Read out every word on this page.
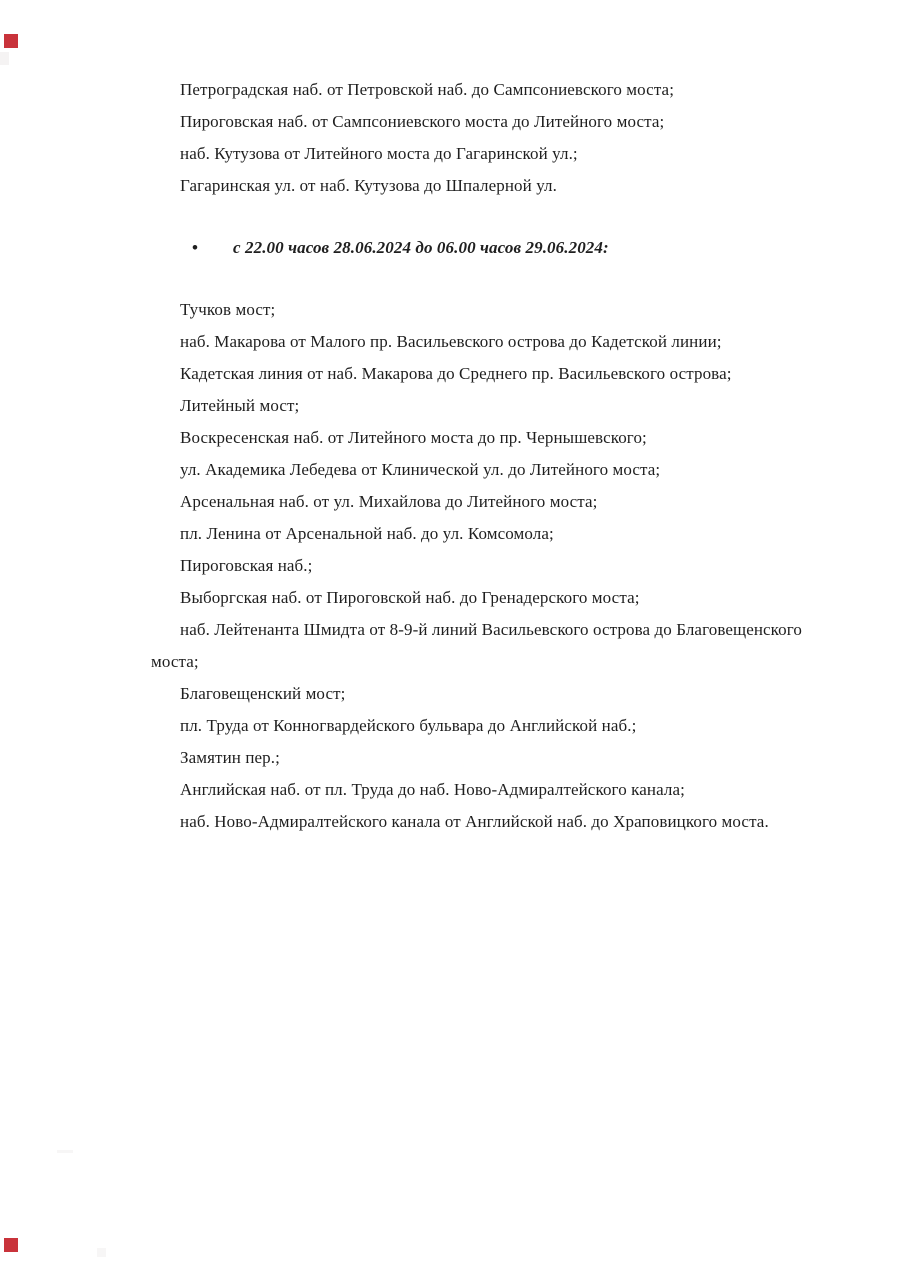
Петроградская наб. от Петровской наб. до Сампсониевского моста;

Пироговская наб. от Сампсониевского моста до Литейного моста;

наб. Кутузова от Литейного моста до Гагаринской ул.;

Гагаринская ул. от наб. Кутузова до Шпалерной ул.

• с 22.00 часов 28.06.2024 до 06.00 часов 29.06.2024:

Тучков мост;

наб. Макарова от Малого пр. Васильевского острова до Кадетской линии;

Кадетская линия от наб. Макарова до Среднего пр. Васильевского острова;

Литейный мост;

Воскресенская наб. от Литейного моста до пр. Чернышевского;

ул. Академика Лебедева от Клинической ул. до Литейного моста;

Арсенальная наб. от ул. Михайлова до Литейного моста;

пл. Ленина от Арсенальной наб. до ул. Комсомола;

Пироговская наб.;

Выборгская наб. от Пироговской наб. до Гренадерского моста;

наб. Лейтенанта Шмидта от 8-9-й линий Васильевского острова до Благовещенского моста;

Благовещенский мост;

пл. Труда от Конногвардейского бульвара до Английской наб.;

Замятин пер.;

Английская наб. от пл. Труда до наб. Ново-Адмиралтейского канала;

наб. Ново-Адмиралтейского канала от Английской наб. до Храповицкого моста.
